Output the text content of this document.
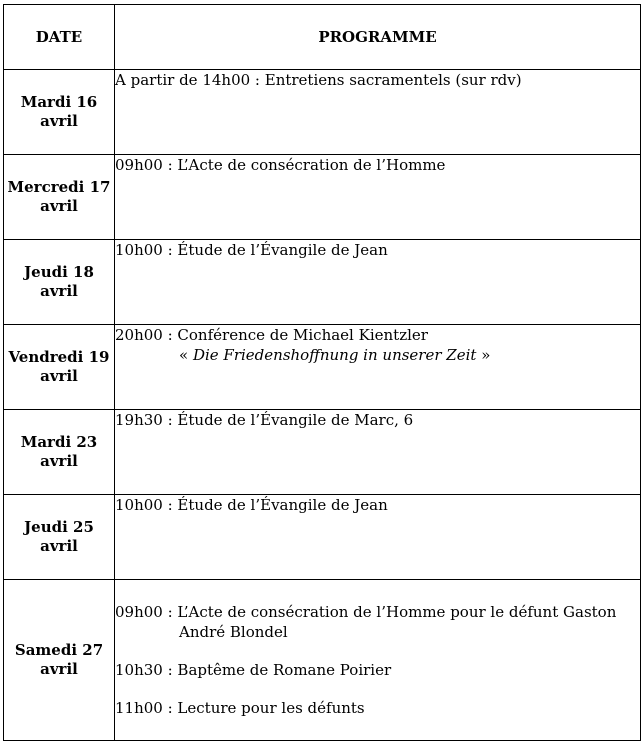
DATE	PROGRAMME

Mardi 16
avril	A partir de 14h00 : Entretiens sacramentels (sur rdv)

Mercredi 17
avril	09h00 : L’Acte de consécration de l’Homme

Jeudi 18
avril	10h00 : Étude de l’Évangile de Jean

Vendredi 19
avril	20h00 : Conférence de Michael Kientzler
« Die Friedenshoffnung in unserer Zeit »

Mardi 23
avril	19h30 : Étude de l’Évangile de Marc, 6

Jeudi 25
avril	10h00 : Étude de l’Évangile de Jean

Samedi 27
avril	09h00 : L’Acte de consécration de l’Homme pour le défunt Gaston
André Blondel
10h30 : Baptême de Romane Poirier
11h00 : Lecture pour les défunts
